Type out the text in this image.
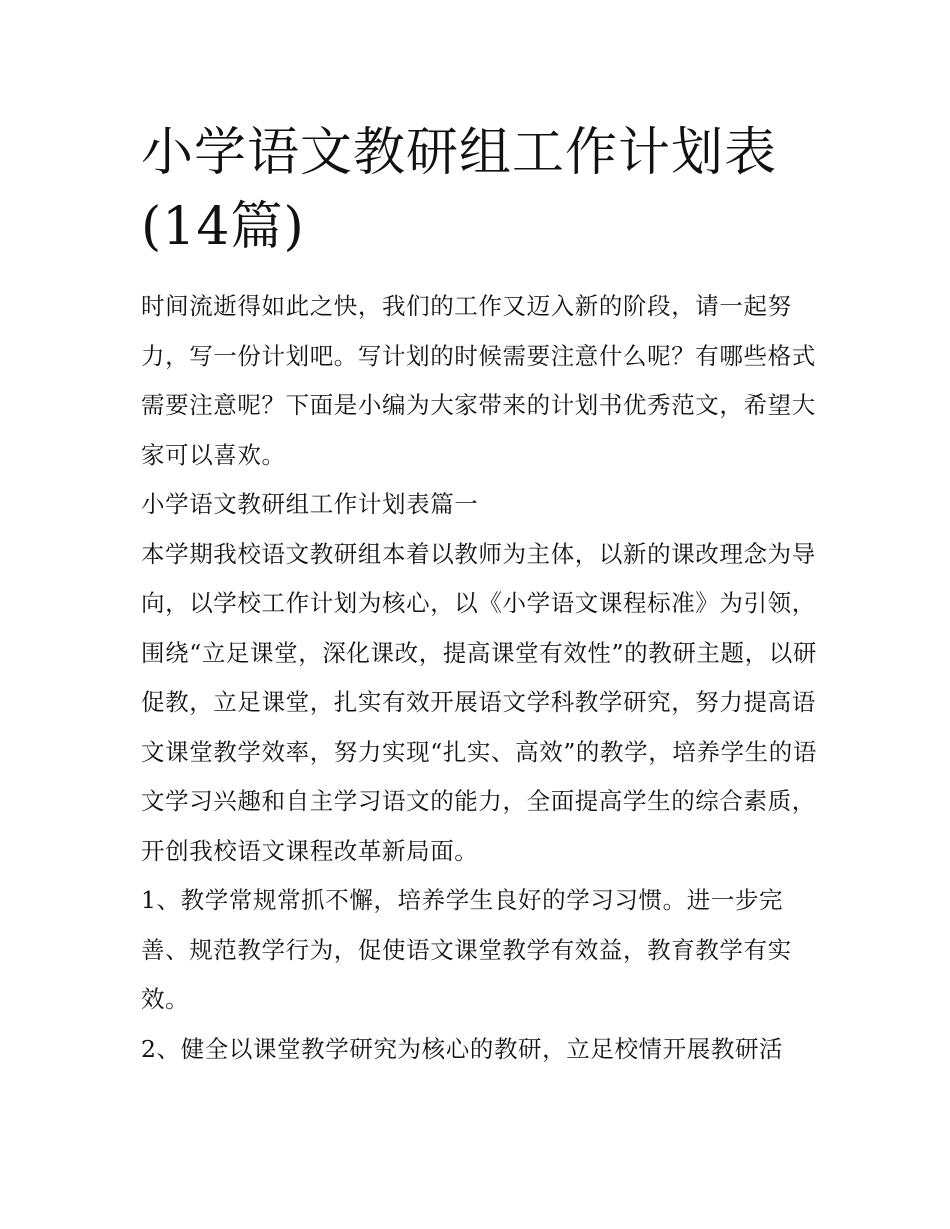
小学语文教研组工作计划表(14篇)

时间流逝得如此之快，我们的工作又迈入新的阶段，请一起努力，写一份计划吧。写计划的时候需要注意什么呢？有哪些格式需要注意呢？下面是小编为大家带来的计划书优秀范文，希望大家可以喜欢。

小学语文教研组工作计划表篇一

本学期我校语文教研组本着以教师为主体，以新的课改理念为导向，以学校工作计划为核心，以《小学语文课程标准》为引领，围绕“立足课堂，深化课改，提高课堂有效性”的教研主题，以研促教，立足课堂，扎实有效开展语文学科教学研究，努力提高语文课堂教学效率，努力实现“扎实、高效”的教学，培养学生的语文学习兴趣和自主学习语文的能力，全面提高学生的综合素质，开创我校语文课程改革新局面。

1、教学常规常抓不懈，培养学生良好的学习习惯。进一步完善、规范教学行为，促使语文课堂教学有效益，教育教学有实效。

2、健全以课堂教学研究为核心的教研，立足校情开展教研活
